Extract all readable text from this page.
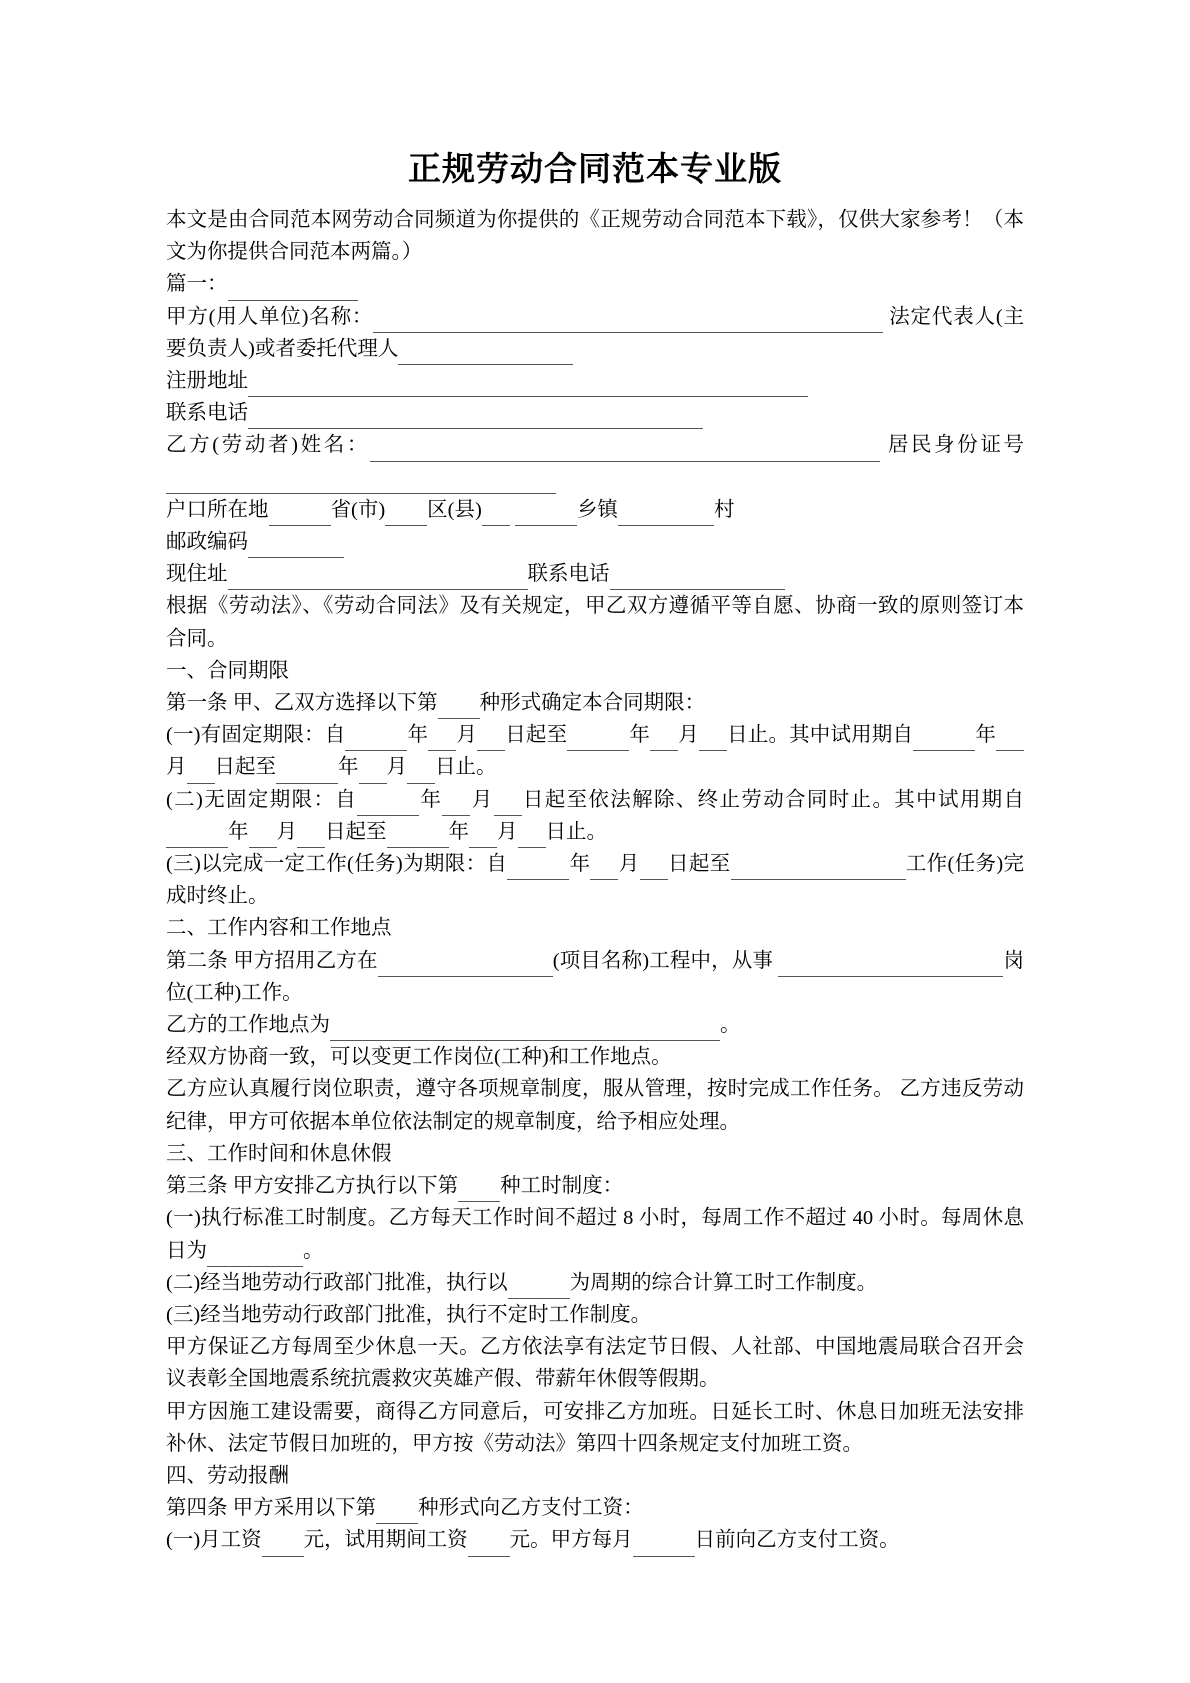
正规劳动合同范本专业版

本文是由合同范本网劳动合同频道为你提供的《正规劳动合同范本下载》，仅供大家参考！（本文为你提供合同范本两篇。）

篇一：

甲方(用人单位)名称：	法定代表人(主要负责人)或者委托代理人

注册地址

联系电话

乙方(劳动者)姓名：	居民身份证号

户口所在地	省(市) 区(县)	乡镇	村

邮政编码

现住址	联系电话

根据《劳动法》、《劳动合同法》及有关规定，甲乙双方遵循平等自愿、协商一致的原则签订本合同。

一、合同期限

第一条 甲、乙双方选择以下第 种形式确定本合同期限：

(一)有固定期限：自	年 月 日起至	年 月 日止。其中试用期自	年月 日起至	年 月 日止。

(二)无固定期限：自	年 月 日起至依法解除、终止劳动合同时止。其中试用期自年 月 日起至	年 月 日止。

(三)以完成一定工作(任务)为期限：自	年 月 日起至	工作(任务)完成时终止。

二、工作内容和工作地点

第二条 甲方招用乙方在	(项目名称)工程中，从事	岗位(工种)工作。

乙方的工作地点为	。

经双方协商一致，可以变更工作岗位(工种)和工作地点。

乙方应认真履行岗位职责，遵守各项规章制度，服从管理，按时完成工作任务。 乙方违反劳动纪律，甲方可依据本单位依法制定的规章制度，给予相应处理。

三、工作时间和休息休假

第三条 甲方安排乙方执行以下第 种工时制度：

(一)执行标准工时制度。乙方每天工作时间不超过 8 小时，每周工作不超过 40 小时。每周休息日为	。

(二)经当地劳动行政部门批准，执行以	为周期的综合计算工时工作制度。

(三)经当地劳动行政部门批准，执行不定时工作制度。

甲方保证乙方每周至少休息一天。乙方依法享有法定节日假、人社部、中国地震局联合召开会议表彰全国地震系统抗震救灾英雄产假、带薪年休假等假期。

甲方因施工建设需要，商得乙方同意后，可安排乙方加班。日延长工时、休息日加班无法安排补休、法定节假日加班的，甲方按《劳动法》第四十四条规定支付加班工资。

四、劳动报酬

第四条 甲方采用以下第 种形式向乙方支付工资：

(一)月工资 元，试用期间工资 元。甲方每月	日前向乙方支付工资。
